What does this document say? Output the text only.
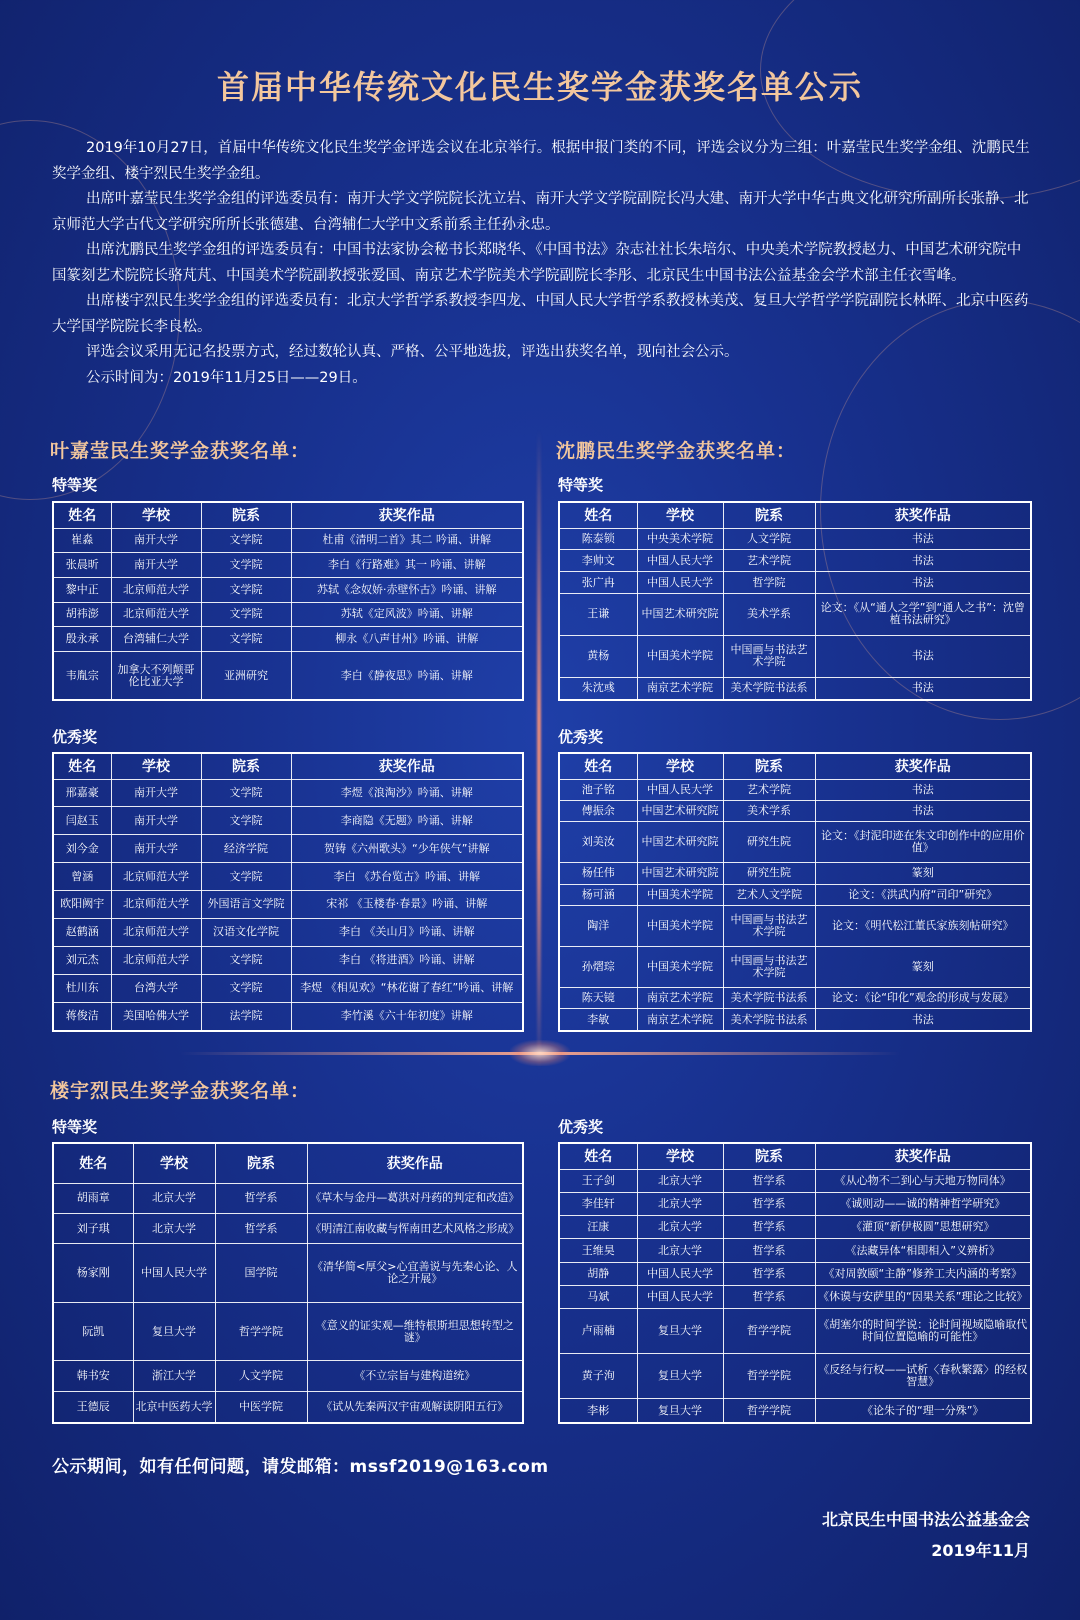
首届中华传统文化民生奖学金获奖名单公示

2019年10月27日，首届中华传统文化民生奖学金评选会议在北京举行。根据申报门类的不同，评选会议分为三组：叶嘉莹民生奖学金组、沈鹏民生奖学金组、楼宇烈民生奖学金组。

出席叶嘉莹民生奖学金组的评选委员有：南开大学文学院院长沈立岩、南开大学文学院副院长冯大建、南开大学中华古典文化研究所副所长张静、北京师范大学古代文学研究所所长张德建、台湾辅仁大学中文系前系主任孙永忠。

出席沈鹏民生奖学金组的评选委员有：中国书法家协会秘书长郑晓华、《中国书法》杂志社社长朱培尔、中央美术学院教授赵力、中国艺术研究院中国篆刻艺术院院长骆芃芃、中国美术学院副教授张爱国、南京艺术学院美术学院副院长李彤、北京民生中国书法公益基金会学术部主任衣雪峰。

出席楼宇烈民生奖学金组的评选委员有：北京大学哲学系教授李四龙、中国人民大学哲学系教授林美茂、复旦大学哲学学院副院长林晖、北京中医药大学国学院院长李良松。

评选会议采用无记名投票方式，经过数轮认真、严格、公平地选拔，评选出获奖名单，现向社会公示。

公示时间为：2019年11月25日——29日。

叶嘉莹民生奖学金获奖名单：
特等奖
姓名	学校	院系	获奖作品
崔淼	南开大学	文学院	杜甫《清明二首》其二 吟诵、讲解
张晨昕	南开大学	文学院	李白《行路难》其一 吟诵、讲解
黎中正	北京师范大学	文学院	苏轼《念奴娇·赤壁怀古》吟诵、讲解
胡祎澎	北京师范大学	文学院	苏轼《定风波》吟诵、讲解
殷永承	台湾辅仁大学	文学院	柳永《八声甘州》吟诵、讲解
韦胤宗	加拿大不列颠哥伦比亚大学	亚洲研究	李白《静夜思》吟诵、讲解
优秀奖
姓名	学校	院系	获奖作品
邢嘉豪	南开大学	文学院	李煜《浪淘沙》吟诵、讲解
闫赵玉	南开大学	文学院	李商隐《无题》吟诵、讲解
刘今金	南开大学	经济学院	贺铸《六州歌头》“少年侠气”讲解
曾涵	北京师范大学	文学院	李白 《苏台览古》吟诵、讲解
欧阳阙宇	北京师范大学	外国语言文学院	宋祁 《玉楼春·春景》吟诵、讲解
赵鹤涵	北京师范大学	汉语文化学院	李白 《关山月》吟诵、讲解
刘元杰	北京师范大学	文学院	李白 《将进酒》吟诵、讲解
杜川东	台湾大学	文学院	李煜 《相见欢》“林花谢了春红”吟诵、讲解
蒋俊洁	美国哈佛大学	法学院	李竹溪《六十年初度》讲解
沈鹏民生奖学金获奖名单：
特等奖
姓名	学校	院系	获奖作品
陈泰锁	中央美术学院	人文学院	书法
李帅文	中国人民大学	艺术学院	书法
张广冉	中国人民大学	哲学院	书法
王谦	中国艺术研究院	美术学系	论文：《从“通人之学”到“通人之书”：沈曾植书法研究》
黄杨	中国美术学院	中国画与书法艺术学院	书法
朱沈彧	南京艺术学院	美术学院书法系	书法
优秀奖
姓名	学校	院系	获奖作品
池子铭	中国人民大学	艺术学院	书法
傅振余	中国艺术研究院	美术学系	书法
刘美汝	中国艺术研究院	研究生院	论文：《封泥印迹在朱文印创作中的应用价值》
杨任伟	中国艺术研究院	研究生院	篆刻
杨可涵	中国美术学院	艺术人文学院	论文：《洪武内府“司印”研究》
陶洋	中国美术学院	中国画与书法艺术学院	论文：《明代松江董氏家族刻帖研究》
孙熠琮	中国美术学院	中国画与书法艺术学院	篆刻
陈天镜	南京艺术学院	美术学院书法系	论文：《论“印化”观念的形成与发展》
李敏	南京艺术学院	美术学院书法系	书法
楼宇烈民生奖学金获奖名单：
特等奖
姓名	学校	院系	获奖作品
胡雨章	北京大学	哲学系	《草木与金丹—葛洪对丹药的判定和改造》
刘子琪	北京大学	哲学系	《明清江南收藏与恽南田艺术风格之形成》
杨家刚	中国人民大学	国学院	《清华简<厚父>心宜善说与先秦心论、人论之开展》
阮凯	复旦大学	哲学学院	《意义的证实观—维特根斯坦思想转型之谜》
韩书安	浙江大学	人文学院	《不立宗旨与建构道统》
王德辰	北京中医药大学	中医学院	《试从先秦两汉宇宙观解读阴阳五行》
优秀奖
姓名	学校	院系	获奖作品
王子剑	北京大学	哲学系	《从心物不二到心与天地万物同体》
李佳轩	北京大学	哲学系	《诚则动——诚的精神哲学研究》
汪康	北京大学	哲学系	《灌顶“新伊极圆”思想研究》
王维昊	北京大学	哲学系	《法藏异体“相即相入”义辨析》
胡静	中国人民大学	哲学系	《对周敦颐“主静”修养工夫内涵的考察》
马斌	中国人民大学	哲学系	《休谟与安萨里的“因果关系”理论之比较》
卢雨楠	复旦大学	哲学学院	《胡塞尔的时间学说：论时间视域隐喻取代时间位置隐喻的可能性》
黄子洵	复旦大学	哲学学院	《反经与行权——试析〈春秋繁露〉的经权智慧》
李彬	复旦大学	哲学学院	《论朱子的“理一分殊”》
公示期间，如有任何问题，请发邮箱：mssf2019@163.com
北京民生中国书法公益基金会
2019年11月
